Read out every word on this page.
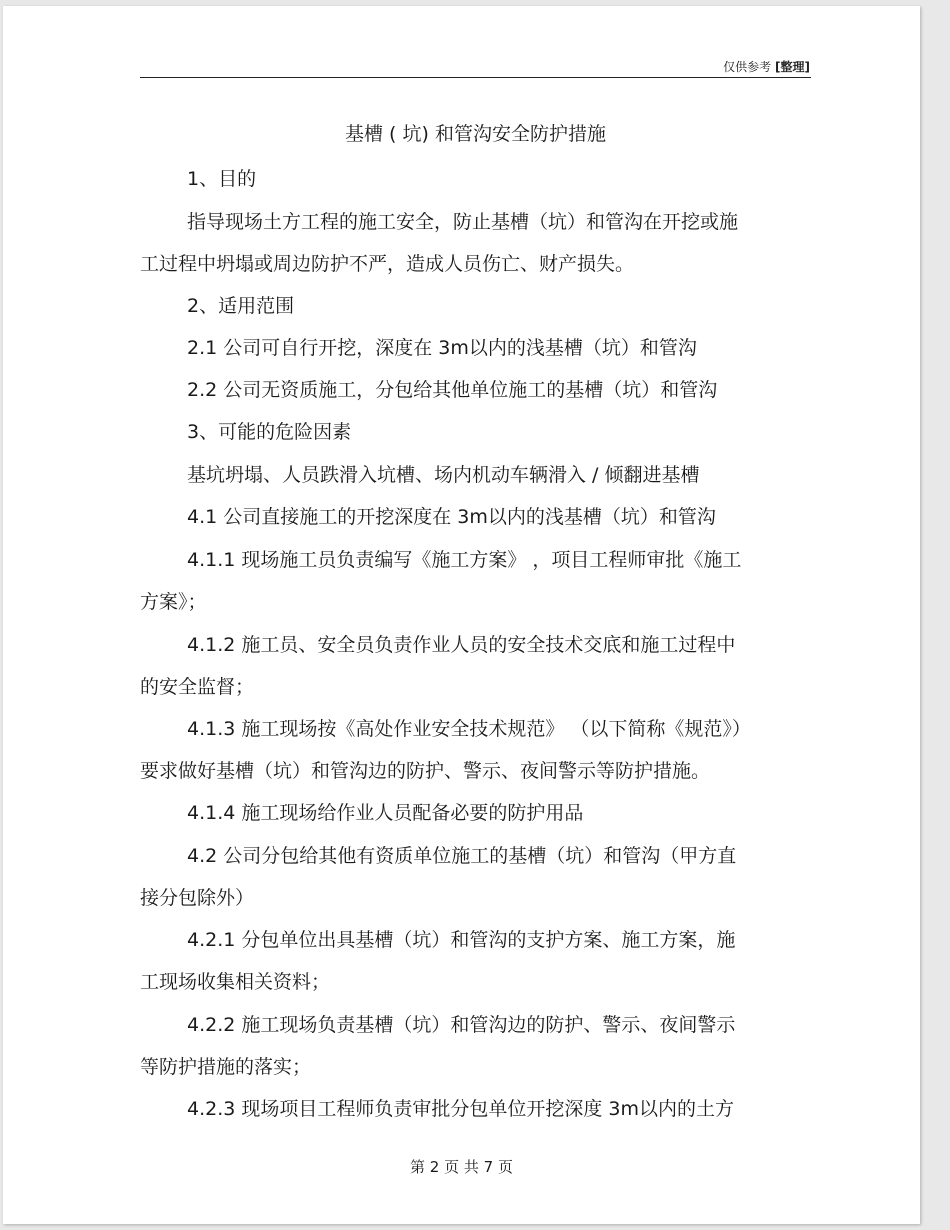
仅供参考 [整理]
基槽 ( 坑) 和管沟安全防护措施
1、目的
指导现场土方工程的施工安全，防止基槽（坑）和管沟在开挖或施
工过程中坍塌或周边防护不严，造成人员伤亡、财产损失。
2、适用范围
2.1 公司可自行开挖，深度在 3m以内的浅基槽（坑）和管沟
2.2 公司无资质施工，分包给其他单位施工的基槽（坑）和管沟
3、可能的危险因素
基坑坍塌、人员跌滑入坑槽、场内机动车辆滑入 / 倾翻进基槽
4.1 公司直接施工的开挖深度在 3m以内的浅基槽（坑）和管沟
4.1.1 现场施工员负责编写《施工方案》 ，项目工程师审批《施工
方案》；
4.1.2 施工员、安全员负责作业人员的安全技术交底和施工过程中
的安全监督；
4.1.3 施工现场按《高处作业安全技术规范》 （以下简称《规范》）
要求做好基槽（坑）和管沟边的防护、警示、夜间警示等防护措施。
4.1.4 施工现场给作业人员配备必要的防护用品
4.2 公司分包给其他有资质单位施工的基槽（坑）和管沟（甲方直
接分包除外）
4.2.1 分包单位出具基槽（坑）和管沟的支护方案、施工方案，施
工现场收集相关资料；
4.2.2 施工现场负责基槽（坑）和管沟边的防护、警示、夜间警示
等防护措施的落实；
4.2.3 现场项目工程师负责审批分包单位开挖深度 3m以内的土方
第 2 页 共 7 页
